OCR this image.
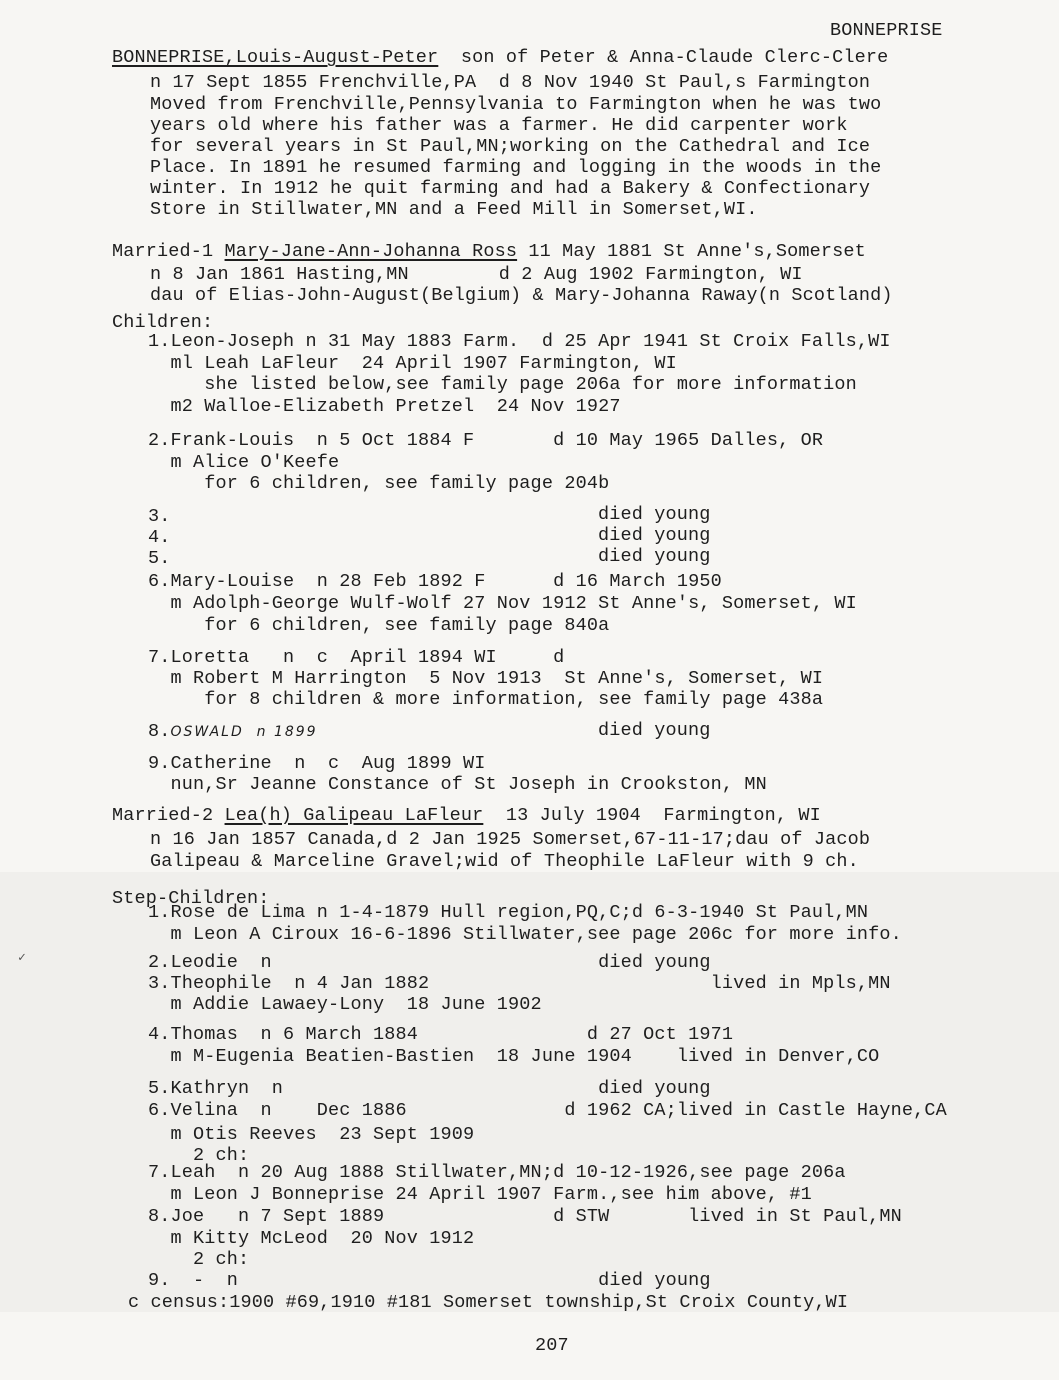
✓
BONNEPRISE
BONNEPRISE,Louis-August-Peter son of Peter & Anna-Claude Clerc-Clere
n 17 Sept 1855 Frenchville,PA  d 8 Nov 1940 St Paul,s Farmington
Moved from Frenchville,Pennsylvania to Farmington when he was two
years old where his father was a farmer. He did carpenter work
for several years in St Paul,MN;working on the Cathedral and Ice
Place. In 1891 he resumed farming and logging in the woods in the
winter. In 1912 he quit farming and had a Bakery & Confectionary
Store in Stillwater,MN and a Feed Mill in Somerset,WI.
Married-1 Mary-Jane-Ann-Johanna Ross 11 May 1881 St Anne's,Somerset
n 8 Jan 1861 Hasting,MN        d 2 Aug 1902 Farmington, WI
dau of Elias-John-August(Belgium) & Mary-Johanna Raway(n Scotland)
Children:
1.Leon-Joseph n 31 May 1883 Farm.  d 25 Apr 1941 St Croix Falls,WI
ml Leah LaFleur  24 April 1907 Farmington, WI
she listed below,see family page 206a for more information
m2 Walloe-Elizabeth Pretzel  24 Nov 1927
2.Frank-Louis  n 5 Oct 1884 F       d 10 May 1965 Dalles, OR
m Alice O'Keefe
for 6 children, see family page 204b
3.	died young
4.	died young
5.	died young
6.Mary-Louise  n 28 Feb 1892 F      d 16 March 1950
m Adolph-George Wulf-Wolf 27 Nov 1912 St Anne's, Somerset, WI
for 6 children, see family page 840a
7.Loretta   n  c  April 1894 WI     d
m Robert M Harrington  5 Nov 1913  St Anne's, Somerset, WI
for 8 children & more information, see family page 438a
8.OSWALD  n 1899	died young
9.Catherine  n  c  Aug 1899 WI
nun,Sr Jeanne Constance of St Joseph in Crookston, MN
Married-2 Lea(h) Galipeau LaFleur 13 July 1904  Farmington, WI
n 16 Jan 1857 Canada,d 2 Jan 1925 Somerset,67-11-17;dau of Jacob
Galipeau & Marceline Gravel;wid of Theophile LaFleur with 9 ch.
Step-Children:
1.Rose de Lima n 1-4-1879 Hull region,PQ,C;d 6-3-1940 St Paul,MN
m Leon A Ciroux 16-6-1896 Stillwater,see page 206c for more info.
2.Leodie  n                             died young
3.Theophile  n 4 Jan 1882                         lived in Mpls,MN
m Addie Lawaey-Lony  18 June 1902
4.Thomas  n 6 March 1884               d 27 Oct 1971
m M-Eugenia Beatien-Bastien  18 June 1904    lived in Denver,CO
5.Kathryn  n                            died young
6.Velina  n    Dec 1886              d 1962 CA;lived in Castle Hayne,CA
m Otis Reeves  23 Sept 1909
2 ch:
7.Leah  n 20 Aug 1888 Stillwater,MN;d 10-12-1926,see page 206a
m Leon J Bonneprise 24 April 1907 Farm.,see him above, #1
8.Joe   n 7 Sept 1889               d STW       lived in St Paul,MN
m Kitty McLeod  20 Nov 1912
2 ch:
9.  -  n                                died young
c census:1900 #69,1910 #181 Somerset township,St Croix County,WI
207
